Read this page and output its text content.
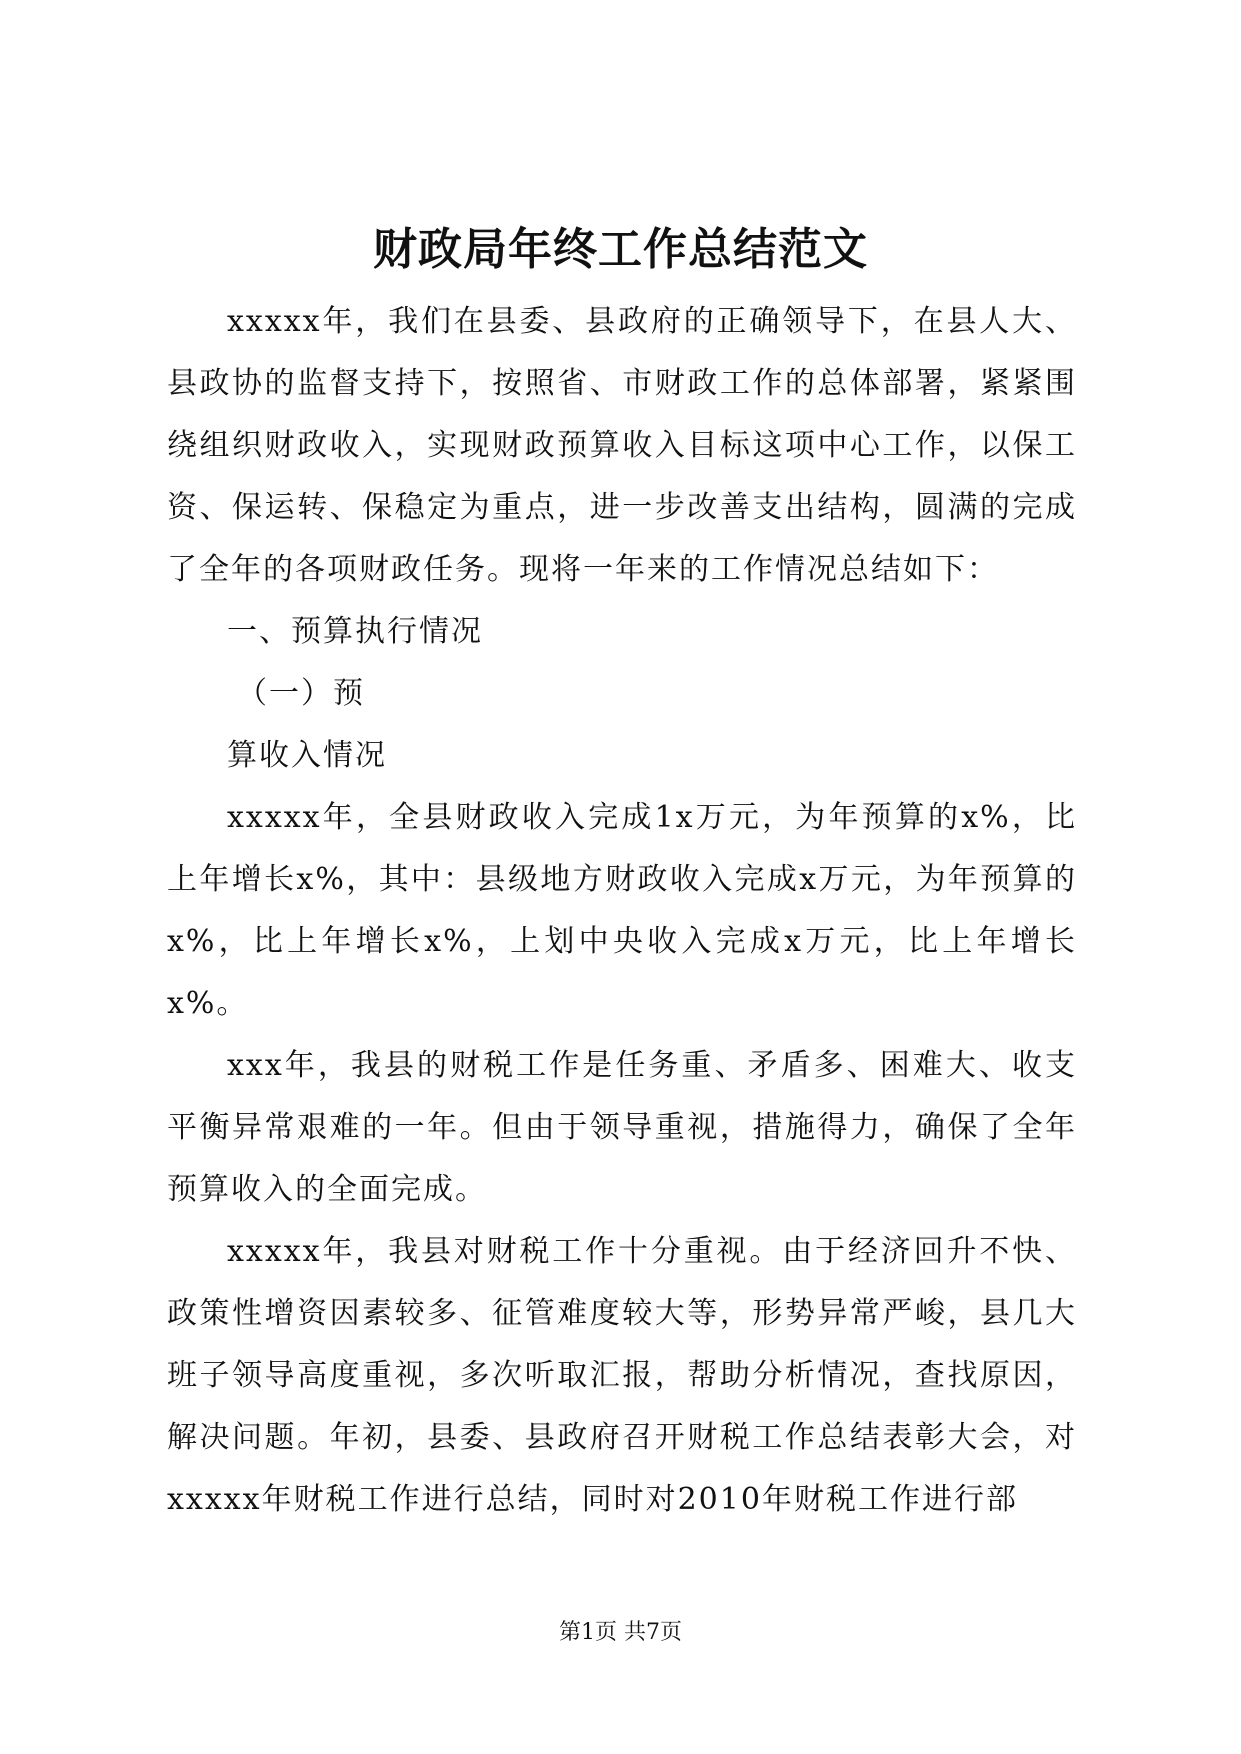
财政局年终工作总结范文

xxxxx年，我们在县委、县政府的正确领导下，在县人大、县政协的监督支持下，按照省、市财政工作的总体部署，紧紧围绕组织财政收入，实现财政预算收入目标这项中心工作，以保工资、保运转、保稳定为重点，进一步改善支出结构，圆满的完成了全年的各项财政任务。现将一年来的工作情况总结如下：

一、预算执行情况

（一）预

算收入情况

xxxxx年，全县财政收入完成1x万元，为年预算的x%，比上年增长x%，其中：县级地方财政收入完成x万元，为年预算的x%，比上年增长x%，上划中央收入完成x万元，比上年增长x%。

xxx年，我县的财税工作是任务重、矛盾多、困难大、收支平衡异常艰难的一年。但由于领导重视，措施得力，确保了全年预算收入的全面完成。

xxxxx年，我县对财税工作十分重视。由于经济回升不快、政策性增资因素较多、征管难度较大等，形势异常严峻，县几大班子领导高度重视，多次听取汇报，帮助分析情况，查找原因，解决问题。年初，县委、县政府召开财税工作总结表彰大会，对xxxxx年财税工作进行总结，同时对2010年财税工作进行部

第1页 共7页
